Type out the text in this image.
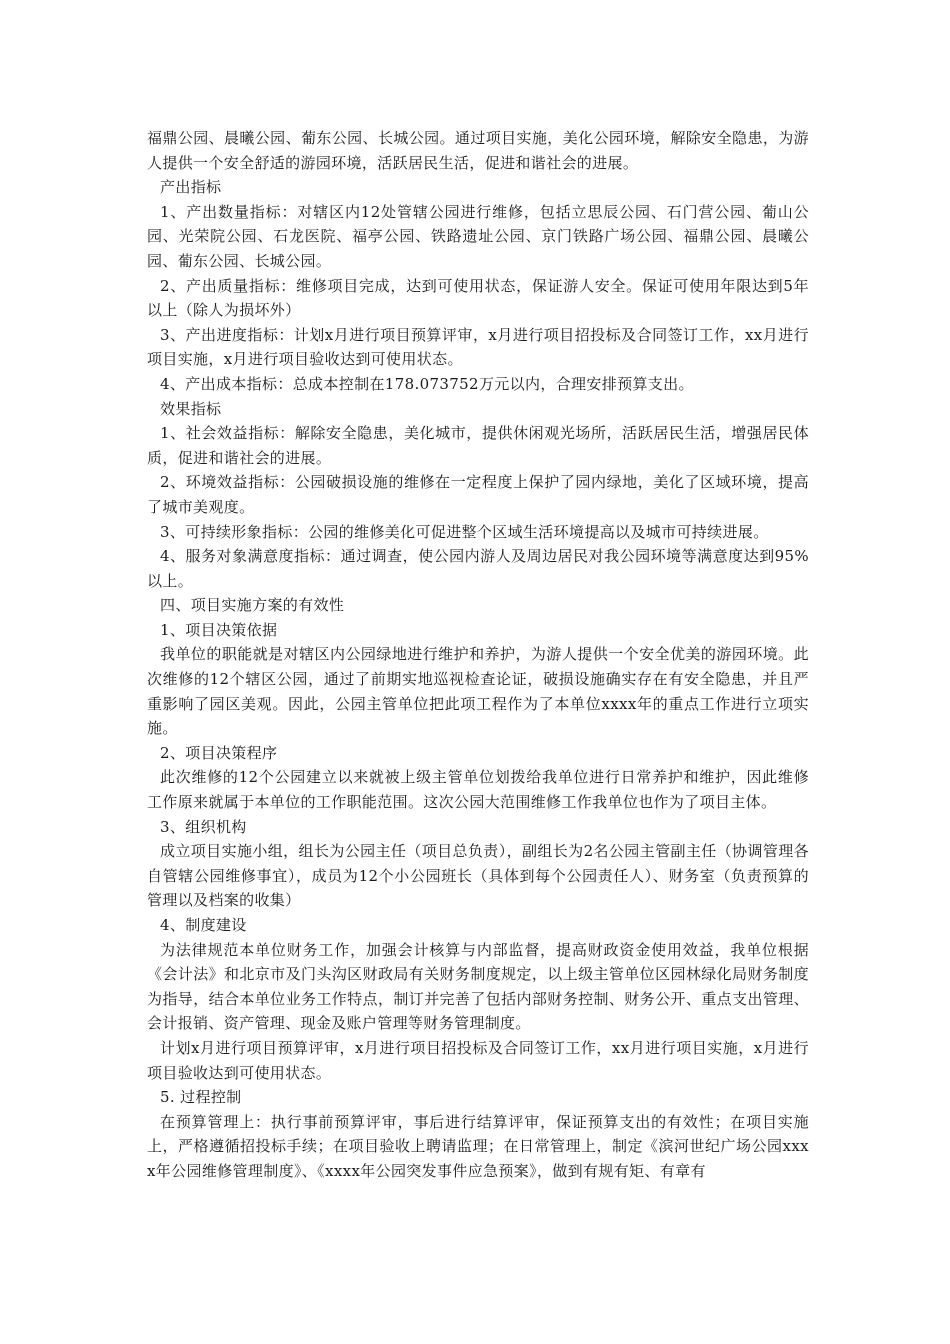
福鼎公园、晨曦公园、葡东公园、长城公园。通过项目实施，美化公园环境，解除安全隐患，为游人提供一个安全舒适的游园环境，活跃居民生活，促进和谐社会的进展。

产出指标

1、产出数量指标：对辖区内12处管辖公园进行维修，包括立思辰公园、石门营公园、葡山公园、光荣院公园、石龙医院、福亭公园、铁路遗址公园、京门铁路广场公园、福鼎公园、晨曦公园、葡东公园、长城公园。

2、产出质量指标：维修项目完成，达到可使用状态，保证游人安全。保证可使用年限达到5年以上（除人为损坏外）

3、产出进度指标：计划x月进行项目预算评审，x月进行项目招投标及合同签订工作，xx月进行项目实施，x月进行项目验收达到可使用状态。

4、产出成本指标：总成本控制在178.073752万元以内，合理安排预算支出。

效果指标

1、社会效益指标：解除安全隐患，美化城市，提供休闲观光场所，活跃居民生活，增强居民体质，促进和谐社会的进展。

2、环境效益指标：公园破损设施的维修在一定程度上保护了园内绿地，美化了区域环境，提高了城市美观度。

3、可持续形象指标：公园的维修美化可促进整个区域生活环境提高以及城市可持续进展。

4、服务对象满意度指标：通过调查，使公园内游人及周边居民对我公园环境等满意度达到95%以上。

四、项目实施方案的有效性

1、项目决策依据

我单位的职能就是对辖区内公园绿地进行维护和养护，为游人提供一个安全优美的游园环境。此次维修的12个辖区公园，通过了前期实地巡视检查论证，破损设施确实存在有安全隐患，并且严重影响了园区美观。因此，公园主管单位把此项工程作为了本单位xxxx年的重点工作进行立项实施。

2、项目决策程序

此次维修的12个公园建立以来就被上级主管单位划拨给我单位进行日常养护和维护，因此维修工作原来就属于本单位的工作职能范围。这次公园大范围维修工作我单位也作为了项目主体。

3、组织机构

成立项目实施小组，组长为公园主任（项目总负责），副组长为2名公园主管副主任（协调管理各自管辖公园维修事宜），成员为12个小公园班长（具体到每个公园责任人）、财务室（负责预算的管理以及档案的收集）

4、制度建设

为法律规范本单位财务工作，加强会计核算与内部监督，提高财政资金使用效益，我单位根据《会计法》和北京市及门头沟区财政局有关财务制度规定，以上级主管单位区园林绿化局财务制度为指导，结合本单位业务工作特点，制订并完善了包括内部财务控制、财务公开、重点支出管理、会计报销、资产管理、现金及账户管理等财务管理制度。

计划x月进行项目预算评审，x月进行项目招投标及合同签订工作，xx月进行项目实施，x月进行项目验收达到可使用状态。

5. 过程控制

在预算管理上：执行事前预算评审，事后进行结算评审，保证预算支出的有效性；在项目实施上，严格遵循招投标手续；在项目验收上聘请监理；在日常管理上，制定《滨河世纪广场公园xxxx年公园维修管理制度》、《xxxx年公园突发事件应急预案》，做到有规有矩、有章有
